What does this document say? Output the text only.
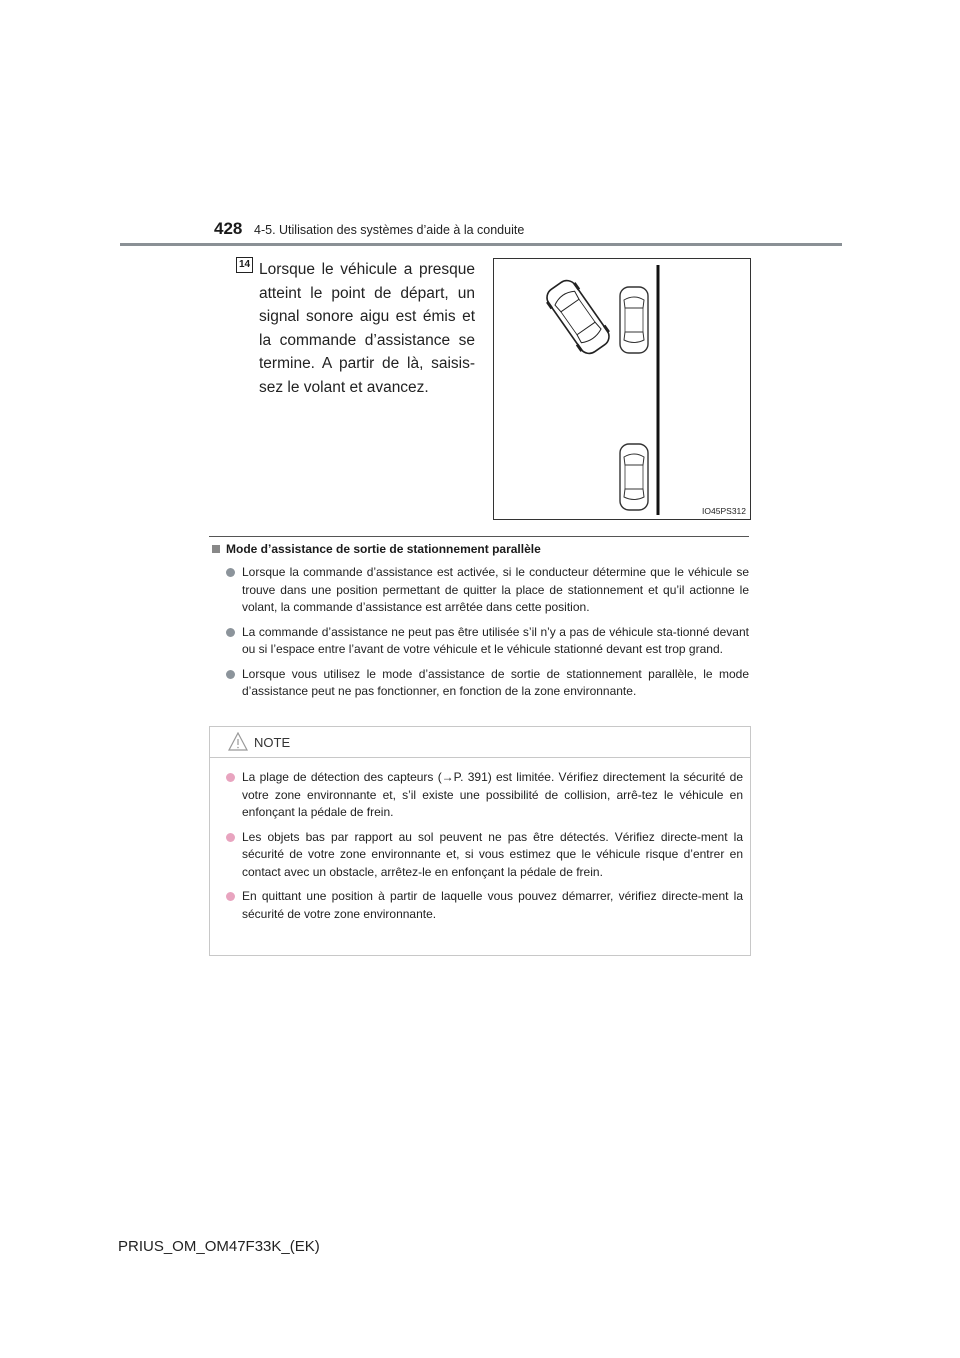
428 4-5. Utilisation des systèmes d’aide à la conduite
14 Lorsque le véhicule a presque atteint le point de départ, un signal sonore aigu est émis et la commande d’assistance se termine. A partir de là, saisis-sez le volant et avancez.
IO45PS312
Mode d’assistance de sortie de stationnement parallèle
Lorsque la commande d’assistance est activée, si le conducteur détermine que le véhicule se trouve dans une position permettant de quitter la place de stationnement et qu’il actionne le volant, la commande d’assistance est arrêtée dans cette position.
La commande d’assistance ne peut pas être utilisée s’il n’y a pas de véhicule sta-tionné devant ou si l’espace entre l’avant de votre véhicule et le véhicule stationné devant est trop grand.
Lorsque vous utilisez le mode d’assistance de sortie de stationnement parallèle, le mode d’assistance peut ne pas fonctionner, en fonction de la zone environnante.
NOTE
La plage de détection des capteurs (→P. 391) est limitée. Vérifiez directement la sécurité de votre zone environnante et, s’il existe une possibilité de collision, arrê-tez le véhicule en enfonçant la pédale de frein.
Les objets bas par rapport au sol peuvent ne pas être détectés. Vérifiez directe-ment la sécurité de votre zone environnante et, si vous estimez que le véhicule risque d’entrer en contact avec un obstacle, arrêtez-le en enfonçant la pédale de frein.
En quittant une position à partir de laquelle vous pouvez démarrer, vérifiez directe-ment la sécurité de votre zone environnante.
PRIUS_OM_OM47F33K_(EK)
